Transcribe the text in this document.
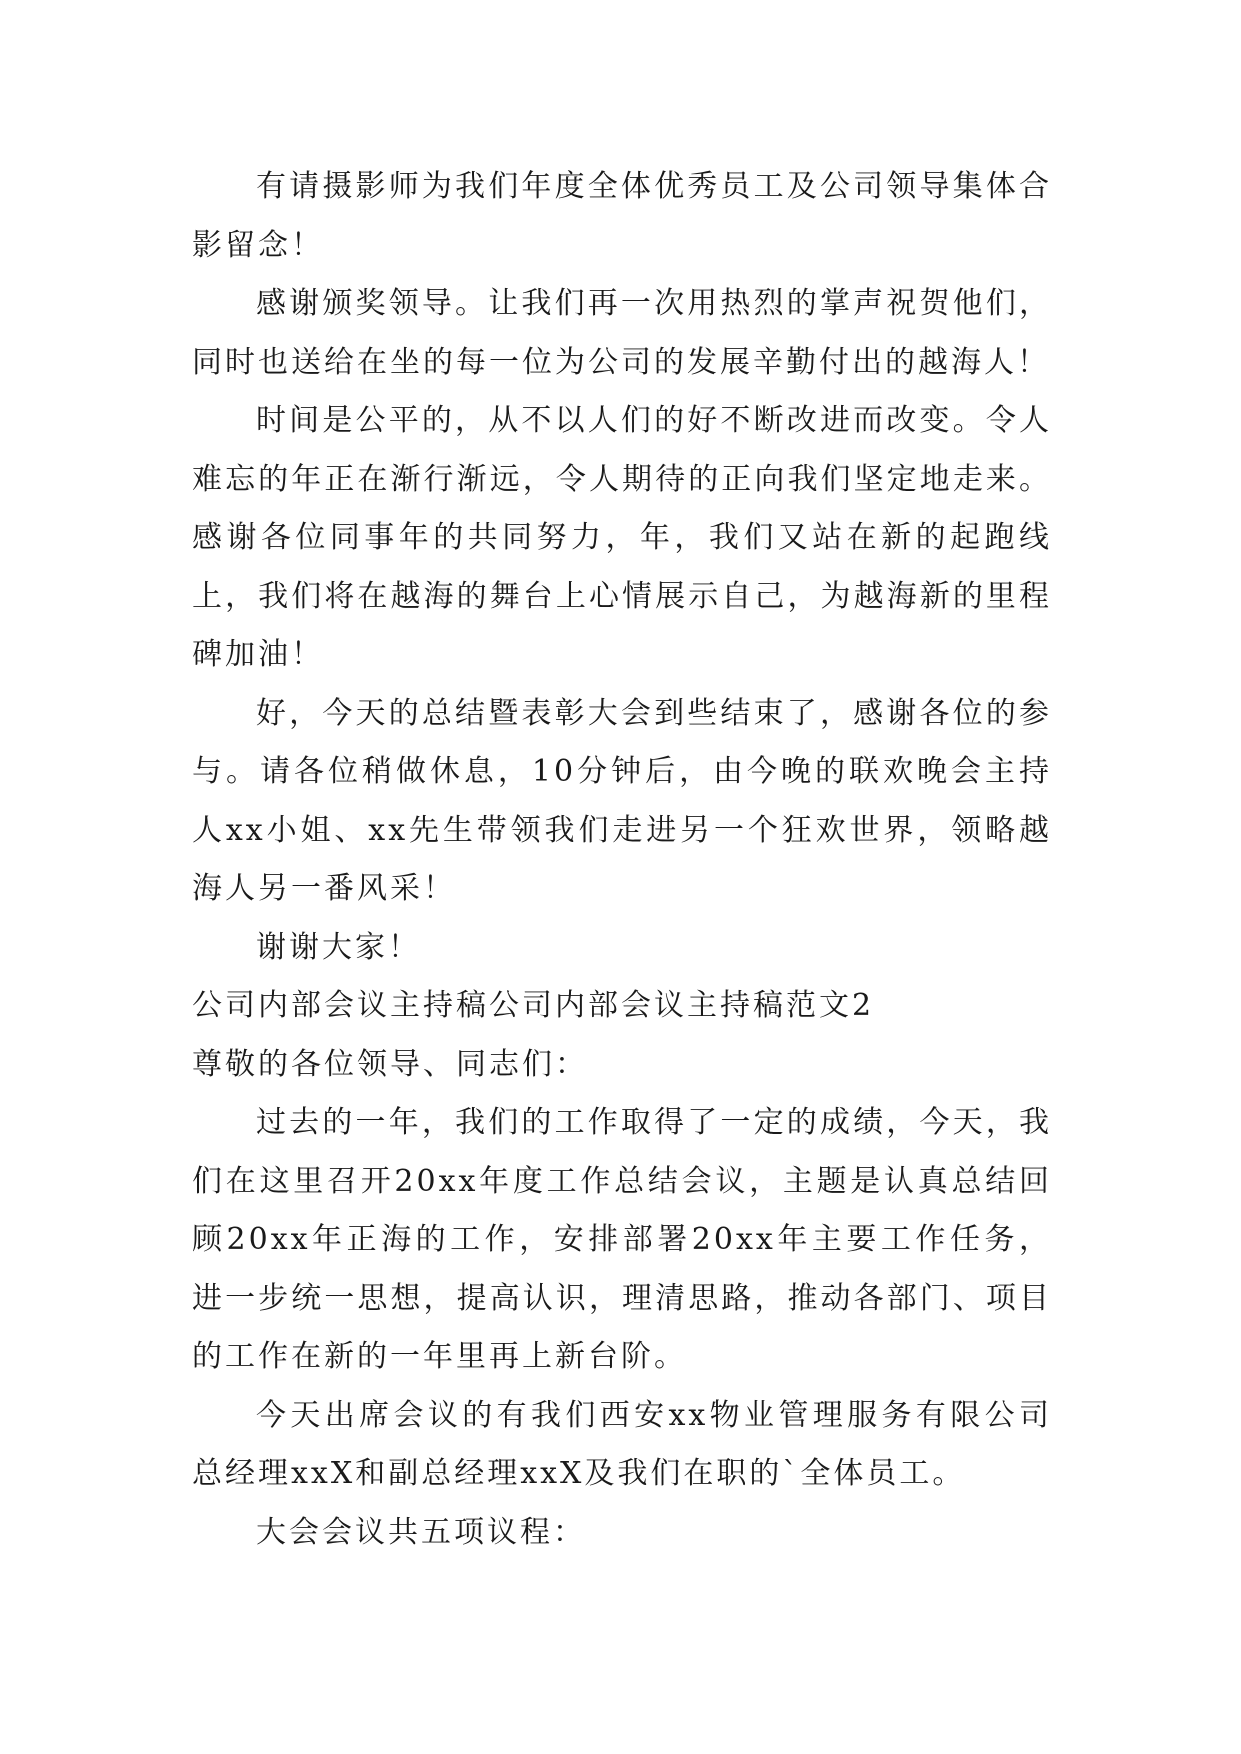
有请摄影师为我们年度全体优秀员工及公司领导集体合影留念！

感谢颁奖领导。让我们再一次用热烈的掌声祝贺他们，同时也送给在坐的每一位为公司的发展辛勤付出的越海人！

时间是公平的，从不以人们的好不断改进而改变。令人难忘的年正在渐行渐远，令人期待的正向我们坚定地走来。感谢各位同事年的共同努力，年，我们又站在新的起跑线上，我们将在越海的舞台上心情展示自己，为越海新的里程碑加油！

好，今天的总结暨表彰大会到些结束了，感谢各位的参与。请各位稍做休息，10分钟后，由今晚的联欢晚会主持人xx小姐、xx先生带领我们走进另一个狂欢世界，领略越海人另一番风采！

谢谢大家！

公司内部会议主持稿公司内部会议主持稿范文2

尊敬的各位领导、同志们：

过去的一年，我们的工作取得了一定的成绩，今天，我们在这里召开20xx年度工作总结会议，主题是认真总结回顾20xx年正海的工作，安排部署20xx年主要工作任务，进一步统一思想，提高认识，理清思路，推动各部门、项目的工作在新的一年里再上新台阶。

今天出席会议的有我们西安xx物业管理服务有限公司总经理xxX和副总经理xxX及我们在职的`全体员工。

大会会议共五项议程：
